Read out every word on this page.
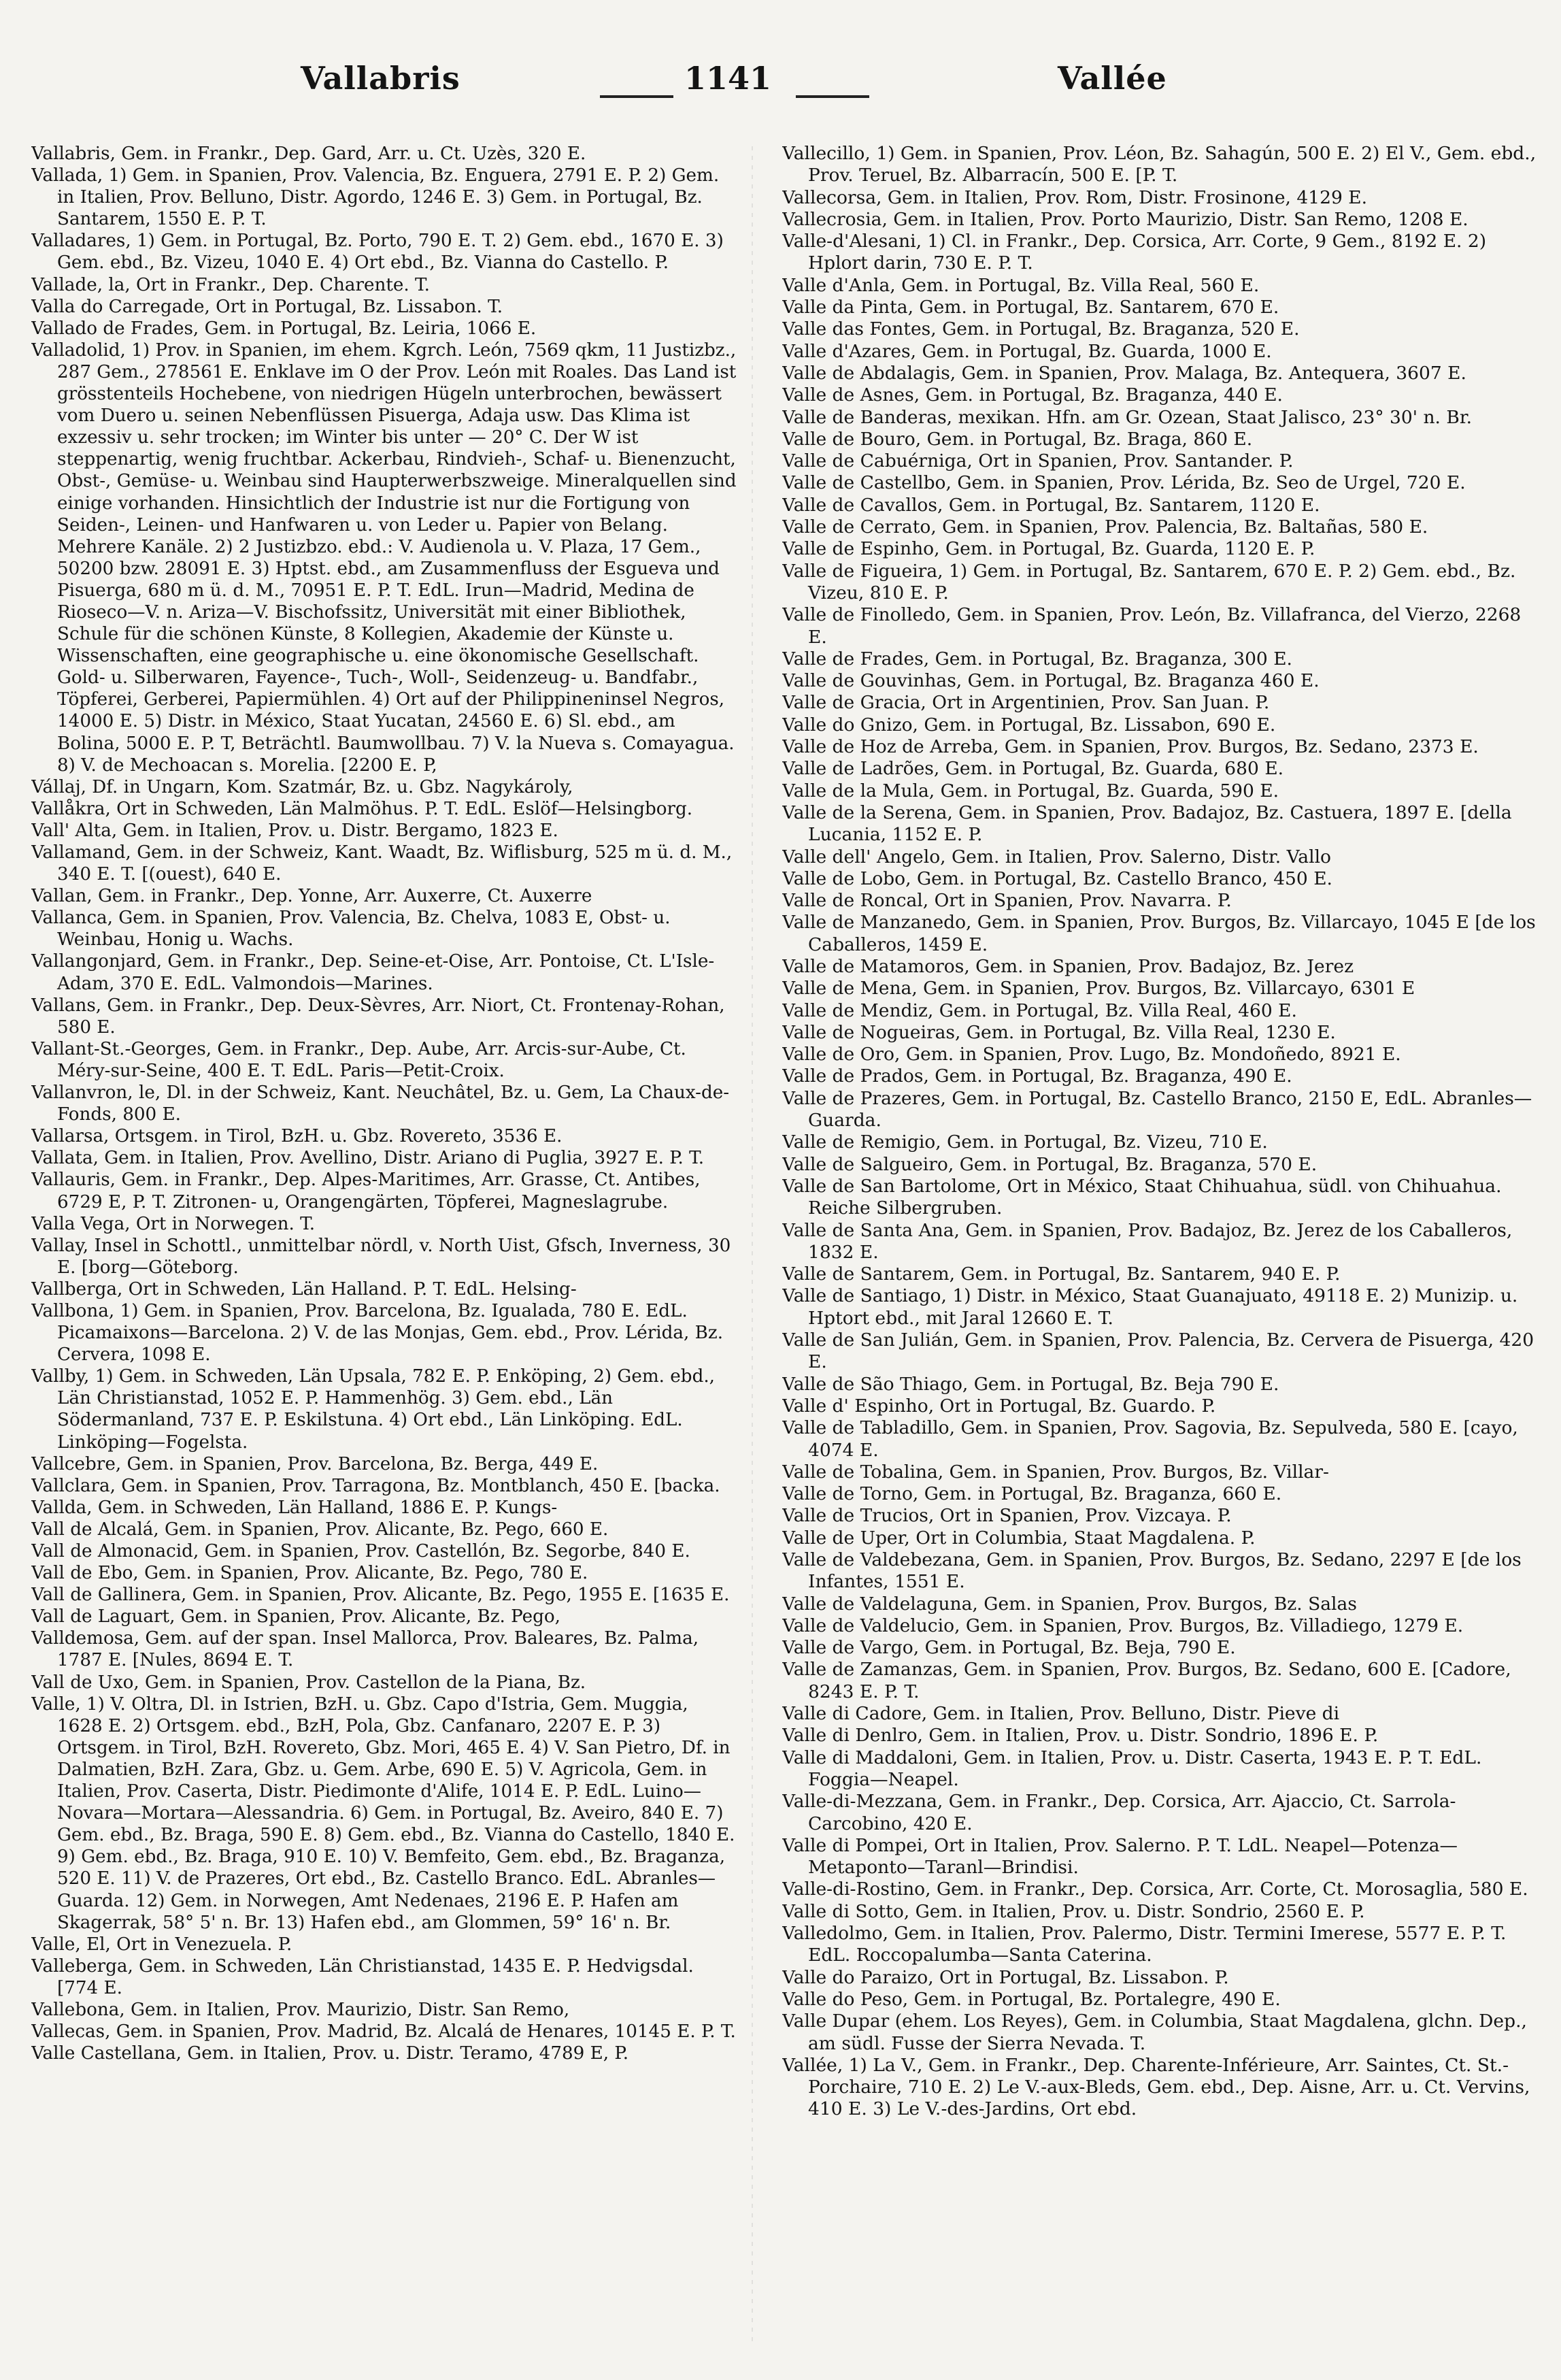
Vallabris	1141	Vallée

Vallabris, Gem. in Frankr., Dep. Gard, Arr. u. Ct. Uzès, 320 E.

Vallada, 1) Gem. in Spanien, Prov. Valencia, Bz. Enguera, 2791 E. P. 2) Gem. in Italien, Prov. Belluno, Distr. Agordo, 1246 E. 3) Gem. in Portugal, Bz. Santarem, 1550 E. P. T.

Valladares, 1) Gem. in Portugal, Bz. Porto, 790 E. T. 2) Gem. ebd., 1670 E. 3) Gem. ebd., Bz. Vizeu, 1040 E. 4) Ort ebd., Bz. Vianna do Castello. P.

Vallade, la, Ort in Frankr., Dep. Charente. T.

Valla do Carregade, Ort in Portugal, Bz. Lissabon. T.

Vallado de Frades, Gem. in Portugal, Bz. Leiria, 1066 E.

Valladolid, 1) Prov. in Spanien, im ehem. Kgrch. León, 7569 qkm, 11 Justizbz., 287 Gem., 278561 E. Enklave im O der Prov. León mit Roales. Das Land ist grösstenteils Hochebene, von niedrigen Hügeln unterbrochen, bewässert vom Duero u. seinen Nebenflüssen Pisuerga, Adaja usw. Das Klima ist exzessiv u. sehr trocken; im Winter bis unter — 20° C. Der W ist steppenartig, wenig fruchtbar. Ackerbau, Rindvieh-, Schaf- u. Bienenzucht, Obst-, Gemüse- u. Weinbau sind Haupterwerbszweige. Mineralquellen sind einige vorhanden. Hinsichtlich der Industrie ist nur die Fortigung von Seiden-, Leinen- und Hanfwaren u. von Leder u. Papier von Belang. Mehrere Kanäle. 2) 2 Justizbzo. ebd.: V. Audienola u. V. Plaza, 17 Gem., 50200 bzw. 28091 E. 3) Hptst. ebd., am Zusammenfluss der Esgueva und Pisuerga, 680 m ü. d. M., 70951 E. P. T. EdL. Irun—Madrid, Medina de Rioseco—V. n. Ariza—V. Bischofssitz, Universität mit einer Bibliothek, Schule für die schönen Künste, 8 Kollegien, Akademie der Künste u. Wissenschaften, eine geographische u. eine ökonomische Gesellschaft. Gold- u. Silberwaren, Fayence-, Tuch-, Woll-, Seidenzeug- u. Bandfabr., Töpferei, Gerberei, Papiermühlen. 4) Ort auf der Philippineninsel Negros, 14000 E. 5) Distr. in México, Staat Yucatan, 24560 E. 6) Sl. ebd., am Bolina, 5000 E. P. T, Beträchtl. Baumwollbau. 7) V. la Nueva s. Comayagua. 8) V. de Mechoacan s. Morelia. [2200 E. P,

Vállaj, Df. in Ungarn, Kom. Szatmár, Bz. u. Gbz. Nagykároly,

Vallåkra, Ort in Schweden, Län Malmöhus. P. T. EdL. Eslöf—Helsingborg.

Vall' Alta, Gem. in Italien, Prov. u. Distr. Bergamo, 1823 E.

Vallamand, Gem. in der Schweiz, Kant. Waadt, Bz. Wiflisburg, 525 m ü. d. M., 340 E. T. [(ouest), 640 E.

Vallan, Gem. in Frankr., Dep. Yonne, Arr. Auxerre, Ct. Auxerre

Vallanca, Gem. in Spanien, Prov. Valencia, Bz. Chelva, 1083 E, Obst- u. Weinbau, Honig u. Wachs.

Vallangonjard, Gem. in Frankr., Dep. Seine-et-Oise, Arr. Pontoise, Ct. L'Isle-Adam, 370 E. EdL. Valmondois—Marines.

Vallans, Gem. in Frankr., Dep. Deux-Sèvres, Arr. Niort, Ct. Frontenay-Rohan, 580 E.

Vallant-St.-Georges, Gem. in Frankr., Dep. Aube, Arr. Arcis-sur-Aube, Ct. Méry-sur-Seine, 400 E. T. EdL. Paris—Petit-Croix.

Vallanvron, le, Dl. in der Schweiz, Kant. Neuchâtel, Bz. u. Gem, La Chaux-de-Fonds, 800 E.

Vallarsa, Ortsgem. in Tirol, BzH. u. Gbz. Rovereto, 3536 E.

Vallata, Gem. in Italien, Prov. Avellino, Distr. Ariano di Puglia, 3927 E. P. T.

Vallauris, Gem. in Frankr., Dep. Alpes-Maritimes, Arr. Grasse, Ct. Antibes, 6729 E, P. T. Zitronen- u, Orangengärten, Töpferei, Magneslagrube.

Valla Vega, Ort in Norwegen. T.

Vallay, Insel in Schottl., unmittelbar nördl, v. North Uist, Gfsch, Inverness, 30 E. [borg—Göteborg.

Vallberga, Ort in Schweden, Län Halland. P. T. EdL. Helsing-

Vallbona, 1) Gem. in Spanien, Prov. Barcelona, Bz. Igualada, 780 E. EdL. Picamaixons—Barcelona. 2) V. de las Monjas, Gem. ebd., Prov. Lérida, Bz. Cervera, 1098 E.

Vallby, 1) Gem. in Schweden, Län Upsala, 782 E. P. Enköping, 2) Gem. ebd., Län Christianstad, 1052 E. P. Hammenhög. 3) Gem. ebd., Län Södermanland, 737 E. P. Eskilstuna. 4) Ort ebd., Län Linköping. EdL. Linköping—Fogelsta.

Vallcebre, Gem. in Spanien, Prov. Barcelona, Bz. Berga, 449 E.

Vallclara, Gem. in Spanien, Prov. Tarragona, Bz. Montblanch, 450 E. [backa.

Vallda, Gem. in Schweden, Län Halland, 1886 E. P. Kungs-

Vall de Alcalá, Gem. in Spanien, Prov. Alicante, Bz. Pego, 660 E.

Vall de Almonacid, Gem. in Spanien, Prov. Castellón, Bz. Segorbe, 840 E.

Vall de Ebo, Gem. in Spanien, Prov. Alicante, Bz. Pego, 780 E.

Vall de Gallinera, Gem. in Spanien, Prov. Alicante, Bz. Pego, 1955 E. [1635 E.

Vall de Laguart, Gem. in Spanien, Prov. Alicante, Bz. Pego,

Valldemosa, Gem. auf der span. Insel Mallorca, Prov. Baleares, Bz. Palma, 1787 E. [Nules, 8694 E. T.

Vall de Uxo, Gem. in Spanien, Prov. Castellon de la Piana, Bz.

Valle, 1) V. Oltra, Dl. in Istrien, BzH. u. Gbz. Capo d'Istria, Gem. Muggia, 1628 E. 2) Ortsgem. ebd., BzH, Pola, Gbz. Canfanaro, 2207 E. P. 3) Ortsgem. in Tirol, BzH. Rovereto, Gbz. Mori, 465 E. 4) V. San Pietro, Df. in Dalmatien, BzH. Zara, Gbz. u. Gem. Arbe, 690 E. 5) V. Agricola, Gem. in Italien, Prov. Caserta, Distr. Piedimonte d'Alife, 1014 E. P. EdL. Luino—Novara—Mortara—Alessandria. 6) Gem. in Portugal, Bz. Aveiro, 840 E. 7) Gem. ebd., Bz. Braga, 590 E. 8) Gem. ebd., Bz. Vianna do Castello, 1840 E. 9) Gem. ebd., Bz. Braga, 910 E. 10) V. Bemfeito, Gem. ebd., Bz. Braganza, 520 E. 11) V. de Prazeres, Ort ebd., Bz. Castello Branco. EdL. Abranles—Guarda. 12) Gem. in Norwegen, Amt Nedenaes, 2196 E. P. Hafen am Skagerrak, 58° 5' n. Br. 13) Hafen ebd., am Glommen, 59° 16' n. Br.

Valle, El, Ort in Venezuela. P.

Valleberga, Gem. in Schweden, Län Christianstad, 1435 E. P. Hedvigsdal. [774 E.

Vallebona, Gem. in Italien, Prov. Maurizio, Distr. San Remo,

Vallecas, Gem. in Spanien, Prov. Madrid, Bz. Alcalá de Henares, 10145 E. P. T.

Valle Castellana, Gem. in Italien, Prov. u. Distr. Teramo, 4789 E, P.

Vallecillo, 1) Gem. in Spanien, Prov. Léon, Bz. Sahagún, 500 E. 2) El V., Gem. ebd., Prov. Teruel, Bz. Albarracín, 500 E. [P. T.

Vallecorsa, Gem. in Italien, Prov. Rom, Distr. Frosinone, 4129 E.

Vallecrosia, Gem. in Italien, Prov. Porto Maurizio, Distr. San Remo, 1208 E.

Valle-d'Alesani, 1) Cl. in Frankr., Dep. Corsica, Arr. Corte, 9 Gem., 8192 E. 2) Hplort darin, 730 E. P. T.

Valle d'Anla, Gem. in Portugal, Bz. Villa Real, 560 E.

Valle da Pinta, Gem. in Portugal, Bz. Santarem, 670 E.

Valle das Fontes, Gem. in Portugal, Bz. Braganza, 520 E.

Valle d'Azares, Gem. in Portugal, Bz. Guarda, 1000 E.

Valle de Abdalagis, Gem. in Spanien, Prov. Malaga, Bz. Antequera, 3607 E.

Valle de Asnes, Gem. in Portugal, Bz. Braganza, 440 E.

Valle de Banderas, mexikan. Hfn. am Gr. Ozean, Staat Jalisco, 23° 30' n. Br.

Valle de Bouro, Gem. in Portugal, Bz. Braga, 860 E.

Valle de Cabuérniga, Ort in Spanien, Prov. Santander. P.

Valle de Castellbo, Gem. in Spanien, Prov. Lérida, Bz. Seo de Urgel, 720 E.

Valle de Cavallos, Gem. in Portugal, Bz. Santarem, 1120 E.

Valle de Cerrato, Gem. in Spanien, Prov. Palencia, Bz. Baltañas, 580 E.

Valle de Espinho, Gem. in Portugal, Bz. Guarda, 1120 E. P.

Valle de Figueira, 1) Gem. in Portugal, Bz. Santarem, 670 E. P. 2) Gem. ebd., Bz. Vizeu, 810 E. P.

Valle de Finolledo, Gem. in Spanien, Prov. León, Bz. Villafranca, del Vierzo, 2268 E.

Valle de Frades, Gem. in Portugal, Bz. Braganza, 300 E.

Valle de Gouvinhas, Gem. in Portugal, Bz. Braganza 460 E.

Valle de Gracia, Ort in Argentinien, Prov. San Juan. P.

Valle do Gnizo, Gem. in Portugal, Bz. Lissabon, 690 E.

Valle de Hoz de Arreba, Gem. in Spanien, Prov. Burgos, Bz. Sedano, 2373 E.

Valle de Ladrões, Gem. in Portugal, Bz. Guarda, 680 E.

Valle de la Mula, Gem. in Portugal, Bz. Guarda, 590 E.

Valle de la Serena, Gem. in Spanien, Prov. Badajoz, Bz. Castuera, 1897 E. [della Lucania, 1152 E. P.

Valle dell' Angelo, Gem. in Italien, Prov. Salerno, Distr. Vallo

Valle de Lobo, Gem. in Portugal, Bz. Castello Branco, 450 E.

Valle de Roncal, Ort in Spanien, Prov. Navarra. P.

Valle de Manzanedo, Gem. in Spanien, Prov. Burgos, Bz. Villarcayo, 1045 E [de los Caballeros, 1459 E.

Valle de Matamoros, Gem. in Spanien, Prov. Badajoz, Bz. Jerez

Valle de Mena, Gem. in Spanien, Prov. Burgos, Bz. Villarcayo, 6301 E

Valle de Mendiz, Gem. in Portugal, Bz. Villa Real, 460 E.

Valle de Nogueiras, Gem. in Portugal, Bz. Villa Real, 1230 E.

Valle de Oro, Gem. in Spanien, Prov. Lugo, Bz. Mondoñedo, 8921 E.

Valle de Prados, Gem. in Portugal, Bz. Braganza, 490 E.

Valle de Prazeres, Gem. in Portugal, Bz. Castello Branco, 2150 E, EdL. Abranles—Guarda.

Valle de Remigio, Gem. in Portugal, Bz. Vizeu, 710 E.

Valle de Salgueiro, Gem. in Portugal, Bz. Braganza, 570 E.

Valle de San Bartolome, Ort in México, Staat Chihuahua, südl. von Chihuahua. Reiche Silbergruben.

Valle de Santa Ana, Gem. in Spanien, Prov. Badajoz, Bz. Jerez de los Caballeros, 1832 E.

Valle de Santarem, Gem. in Portugal, Bz. Santarem, 940 E. P.

Valle de Santiago, 1) Distr. in México, Staat Guanajuato, 49118 E. 2) Munizip. u. Hptort ebd., mit Jaral 12660 E. T.

Valle de San Julián, Gem. in Spanien, Prov. Palencia, Bz. Cervera de Pisuerga, 420 E.

Valle de São Thiago, Gem. in Portugal, Bz. Beja 790 E.

Valle d' Espinho, Ort in Portugal, Bz. Guardo. P.

Valle de Tabladillo, Gem. in Spanien, Prov. Sagovia, Bz. Sepulveda, 580 E. [cayo, 4074 E.

Valle de Tobalina, Gem. in Spanien, Prov. Burgos, Bz. Villar-

Valle de Torno, Gem. in Portugal, Bz. Braganza, 660 E.

Valle de Trucios, Ort in Spanien, Prov. Vizcaya. P.

Valle de Uper, Ort in Columbia, Staat Magdalena. P.

Valle de Valdebezana, Gem. in Spanien, Prov. Burgos, Bz. Sedano, 2297 E [de los Infantes, 1551 E.

Valle de Valdelaguna, Gem. in Spanien, Prov. Burgos, Bz. Salas

Valle de Valdelucio, Gem. in Spanien, Prov. Burgos, Bz. Villadiego, 1279 E.

Valle de Vargo, Gem. in Portugal, Bz. Beja, 790 E.

Valle de Zamanzas, Gem. in Spanien, Prov. Burgos, Bz. Sedano, 600 E. [Cadore, 8243 E. P. T.

Valle di Cadore, Gem. in Italien, Prov. Belluno, Distr. Pieve di

Valle di Denlro, Gem. in Italien, Prov. u. Distr. Sondrio, 1896 E. P.

Valle di Maddaloni, Gem. in Italien, Prov. u. Distr. Caserta, 1943 E. P. T. EdL. Foggia—Neapel.

Valle-di-Mezzana, Gem. in Frankr., Dep. Corsica, Arr. Ajaccio, Ct. Sarrola-Carcobino, 420 E.

Valle di Pompei, Ort in Italien, Prov. Salerno. P. T. LdL. Neapel—Potenza—Metaponto—Taranl—Brindisi.

Valle-di-Rostino, Gem. in Frankr., Dep. Corsica, Arr. Corte, Ct. Morosaglia, 580 E.

Valle di Sotto, Gem. in Italien, Prov. u. Distr. Sondrio, 2560 E. P.

Valledolmo, Gem. in Italien, Prov. Palermo, Distr. Termini Imerese, 5577 E. P. T. EdL. Roccopalumba—Santa Caterina.

Valle do Paraizo, Ort in Portugal, Bz. Lissabon. P.

Valle do Peso, Gem. in Portugal, Bz. Portalegre, 490 E.

Valle Dupar (ehem. Los Reyes), Gem. in Columbia, Staat Magdalena, glchn. Dep., am südl. Fusse der Sierra Nevada. T.

Vallée, 1) La V., Gem. in Frankr., Dep. Charente-Inférieure, Arr. Saintes, Ct. St.-Porchaire, 710 E. 2) Le V.-aux-Bleds, Gem. ebd., Dep. Aisne, Arr. u. Ct. Vervins, 410 E. 3) Le V.-des-Jardins, Ort ebd.
